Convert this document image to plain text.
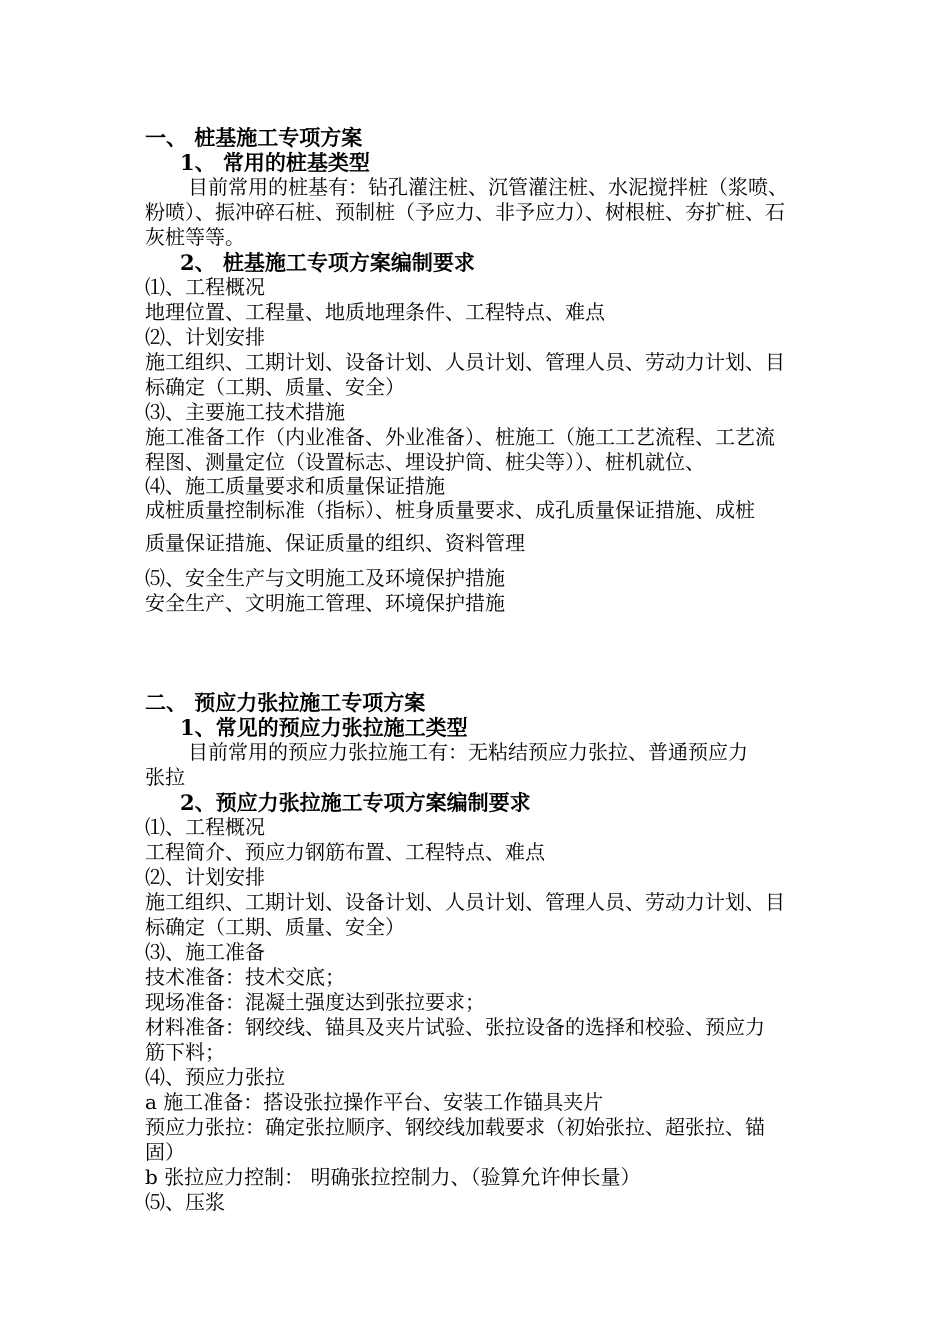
一、 桩基施工专项方案
1、 常用的桩基类型
目前常用的桩基有：钻孔灌注桩、沉管灌注桩、水泥搅拌桩（浆喷、
粉喷）、振冲碎石桩、预制桩（予应力、非予应力）、树根桩、夯扩桩、石
灰桩等等。
2、 桩基施工专项方案编制要求
⑴、工程概况
地理位置、工程量、地质地理条件、工程特点、难点
⑵、计划安排
施工组织、工期计划、设备计划、人员计划、管理人员、劳动力计划、目
标确定（工期、质量、安全）
⑶、主要施工技术措施
施工准备工作（内业准备、外业准备）、桩施工（施工工艺流程、工艺流
程图、测量定位（设置标志、埋设护筒、桩尖等））、桩机就位、
⑷、施工质量要求和质量保证措施
成桩质量控制标准（指标）、桩身质量要求、成孔质量保证措施、成桩
质量保证措施、保证质量的组织、资料管理
⑸、安全生产与文明施工及环境保护措施
安全生产、文明施工管理、环境保护措施
二、 预应力张拉施工专项方案
1、常见的预应力张拉施工类型
目前常用的预应力张拉施工有：无粘结预应力张拉、普通预应力
张拉
2、预应力张拉施工专项方案编制要求
⑴、工程概况
工程简介、预应力钢筋布置、工程特点、难点
⑵、计划安排
施工组织、工期计划、设备计划、人员计划、管理人员、劳动力计划、目
标确定（工期、质量、安全）
⑶、施工准备
技术准备：技术交底；
现场准备：混凝土强度达到张拉要求；
材料准备：钢绞线、锚具及夹片试验、张拉设备的选择和校验、预应力
筋下料；
⑷、预应力张拉
a 施工准备：搭设张拉操作平台、安装工作锚具夹片
预应力张拉：确定张拉顺序、钢绞线加载要求（初始张拉、超张拉、锚
固）
b 张拉应力控制： 明确张拉控制力、（验算允许伸长量）
⑸、压浆
